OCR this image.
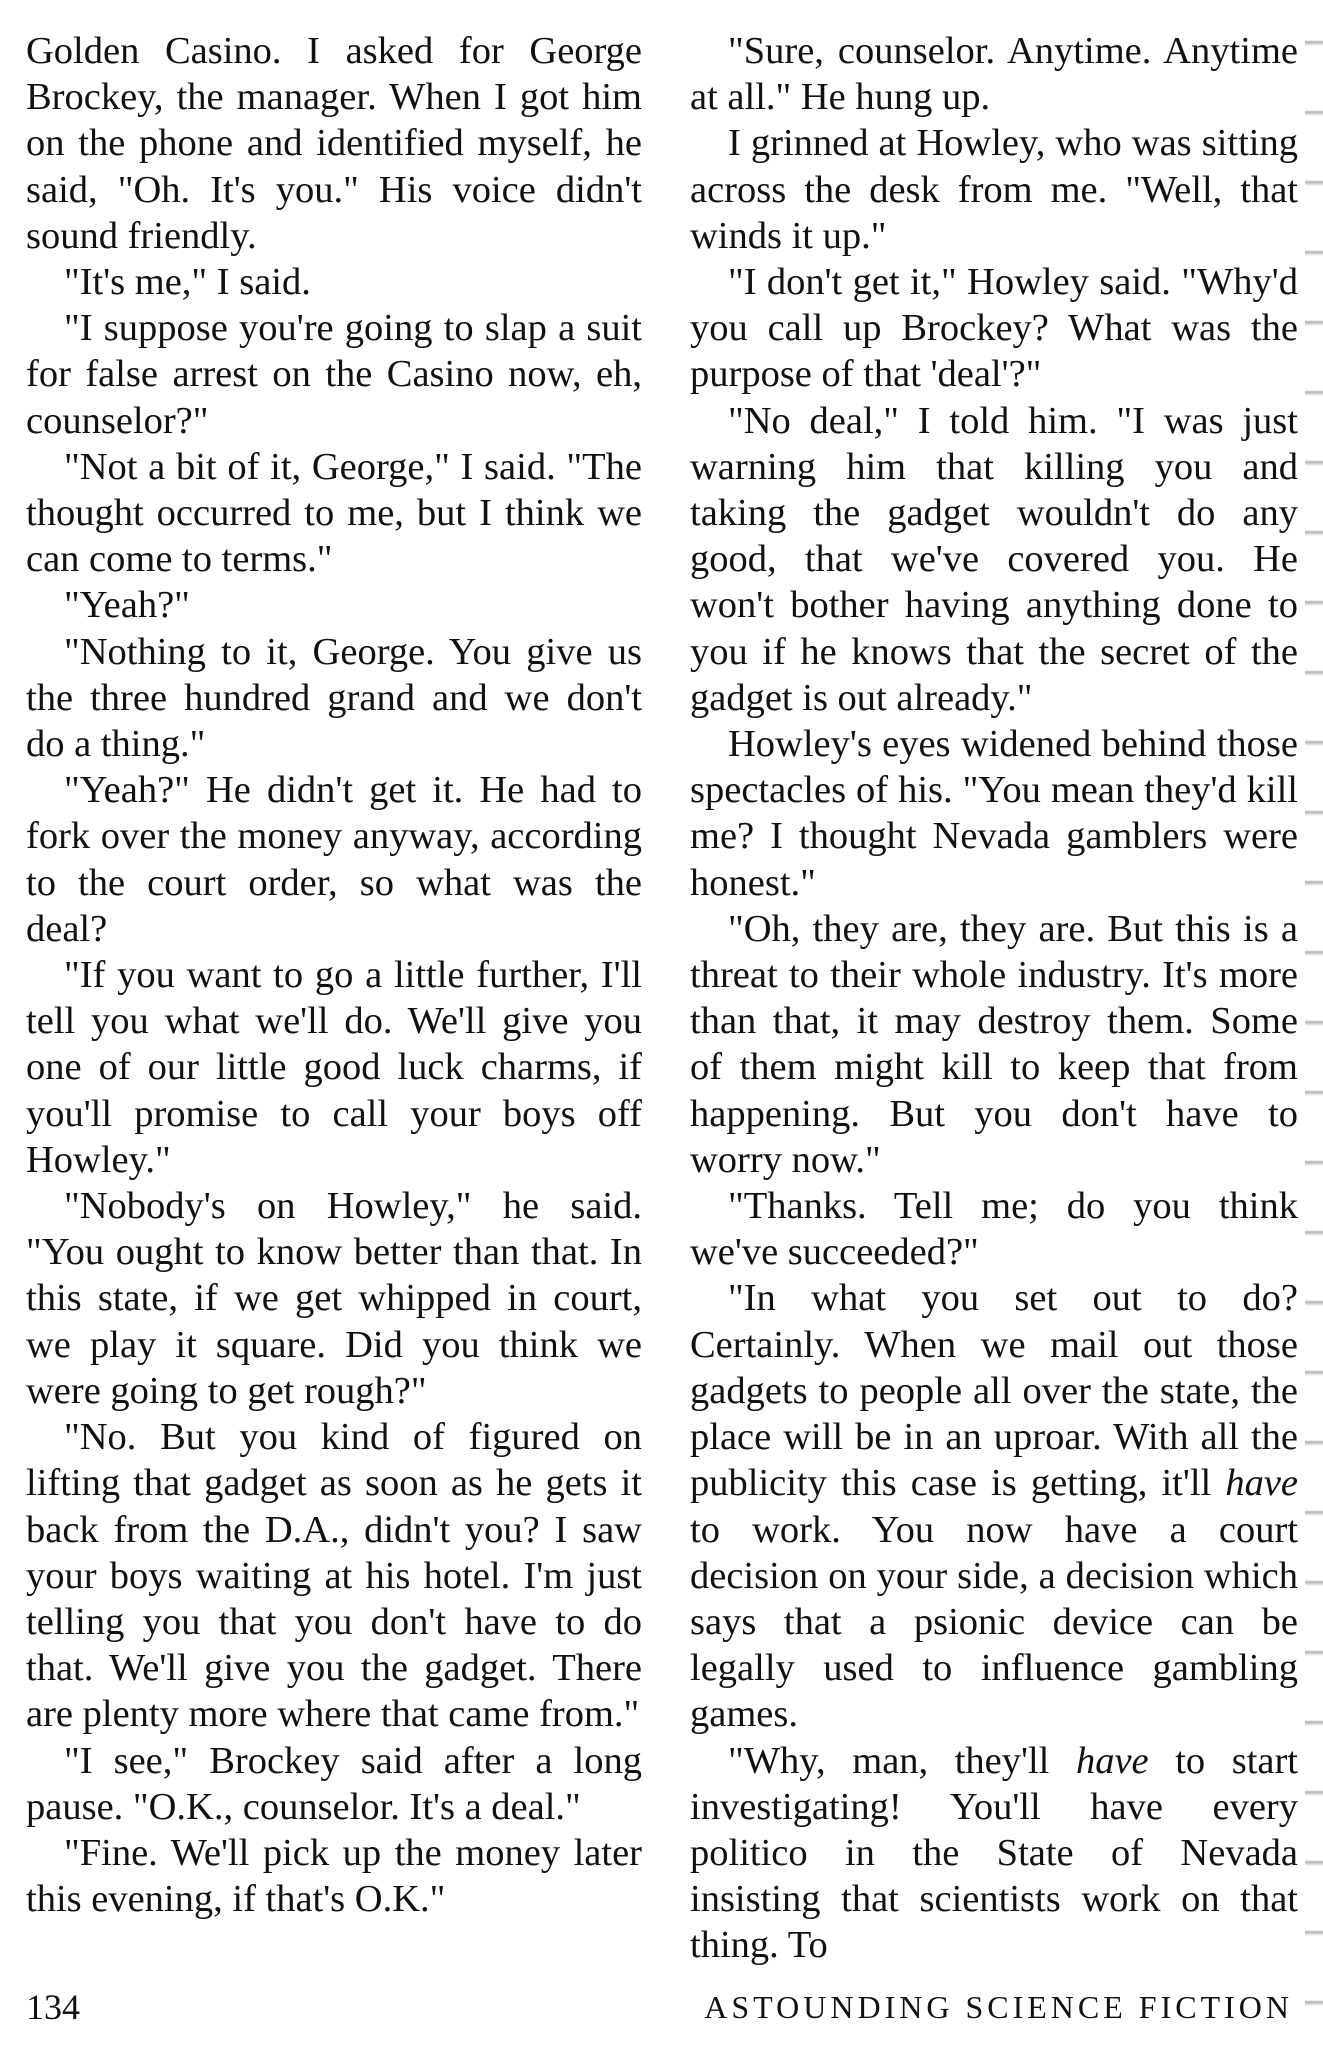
Golden Casino. I asked for George Brockey, the manager. When I got him on the phone and identified myself, he said, "Oh. It's you." His voice didn't sound friendly.

"It's me," I said.

"I suppose you're going to slap a suit for false arrest on the Casino now, eh, counselor?"

"Not a bit of it, George," I said. "The thought occurred to me, but I think we can come to terms."

"Yeah?"

"Nothing to it, George. You give us the three hundred grand and we don't do a thing."

"Yeah?" He didn't get it. He had to fork over the money anyway, according to the court order, so what was the deal?

"If you want to go a little further, I'll tell you what we'll do. We'll give you one of our little good luck charms, if you'll promise to call your boys off Howley."

"Nobody's on Howley," he said. "You ought to know better than that. In this state, if we get whipped in court, we play it square. Did you think we were going to get rough?"

"No. But you kind of figured on lifting that gadget as soon as he gets it back from the D.A., didn't you? I saw your boys waiting at his hotel. I'm just telling you that you don't have to do that. We'll give you the gadget. There are plenty more where that came from."

"I see," Brockey said after a long pause. "O.K., counselor. It's a deal."

"Fine. We'll pick up the money later this evening, if that's O.K."

"Sure, counselor. Anytime. Anytime at all." He hung up.

I grinned at Howley, who was sitting across the desk from me. "Well, that winds it up."

"I don't get it," Howley said. "Why'd you call up Brockey? What was the purpose of that 'deal'?"

"No deal," I told him. "I was just warning him that killing you and taking the gadget wouldn't do any good, that we've covered you. He won't bother having anything done to you if he knows that the secret of the gadget is out already."

Howley's eyes widened behind those spectacles of his. "You mean they'd kill me? I thought Nevada gamblers were honest."

"Oh, they are, they are. But this is a threat to their whole industry. It's more than that, it may destroy them. Some of them might kill to keep that from happening. But you don't have to worry now."

"Thanks. Tell me; do you think we've succeeded?"

"In what you set out to do? Certainly. When we mail out those gadgets to people all over the state, the place will be in an uproar. With all the publicity this case is getting, it'll have to work. You now have a court decision on your side, a decision which says that a psionic device can be legally used to influence gambling games.

"Why, man, they'll have to start investigating! You'll have every politico in the State of Nevada insisting that scientists work on that thing. To

134	ASTOUNDING SCIENCE FICTION
